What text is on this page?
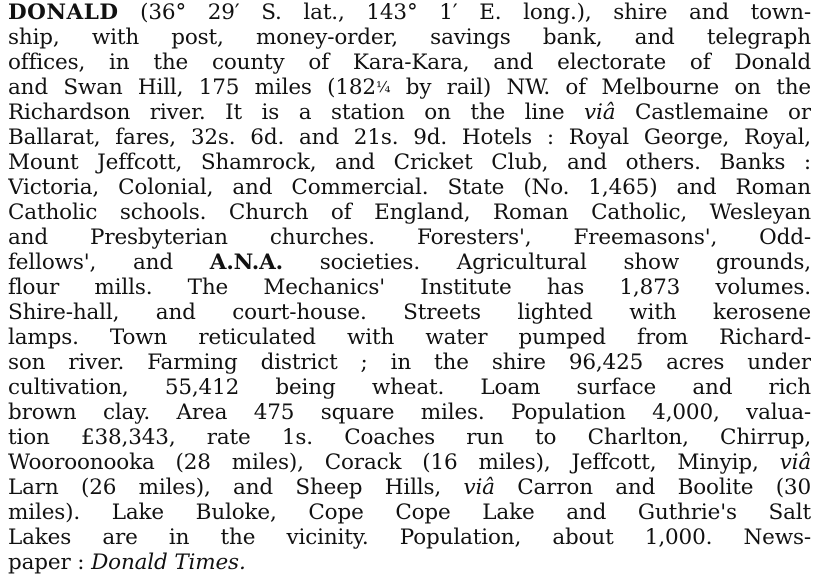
DONALD (36° 29′ S. lat., 143° 1′ E. long.), shire and town-
ship, with post, money-order, savings bank, and telegraph
offices, in the county of Kara-Kara, and electorate of Donald
and Swan Hill, 175 miles (182¼ by rail) NW. of Melbourne on the
Richardson river. It is a station on the line viâ Castlemaine or
Ballarat, fares, 32s. 6d. and 21s. 9d. Hotels : Royal George, Royal,
Mount Jeffcott, Shamrock, and Cricket Club, and others. Banks :
Victoria, Colonial, and Commercial. State (No. 1,465) and Roman
Catholic schools. Church of England, Roman Catholic, Wesleyan
and Presbyterian churches. Foresters', Freemasons', Odd-
fellows', and A.N.A. societies. Agricultural show grounds,
flour mills. The Mechanics' Institute has 1,873 volumes.
Shire-hall, and court-house. Streets lighted with kerosene
lamps. Town reticulated with water pumped from Richard-
son river. Farming district ; in the shire 96,425 acres under
cultivation, 55,412 being wheat. Loam surface and rich
brown clay. Area 475 square miles. Population 4,000, valua-
tion £38,343, rate 1s. Coaches run to Charlton, Chirrup,
Wooroonooka (28 miles), Corack (16 miles), Jeffcott, Minyip, viâ
Larn (26 miles), and Sheep Hills, viâ Carron and Boolite (30
miles). Lake Buloke, Cope Cope Lake and Guthrie's Salt
Lakes are in the vicinity. Population, about 1,000. News-
paper : Donald Times.
